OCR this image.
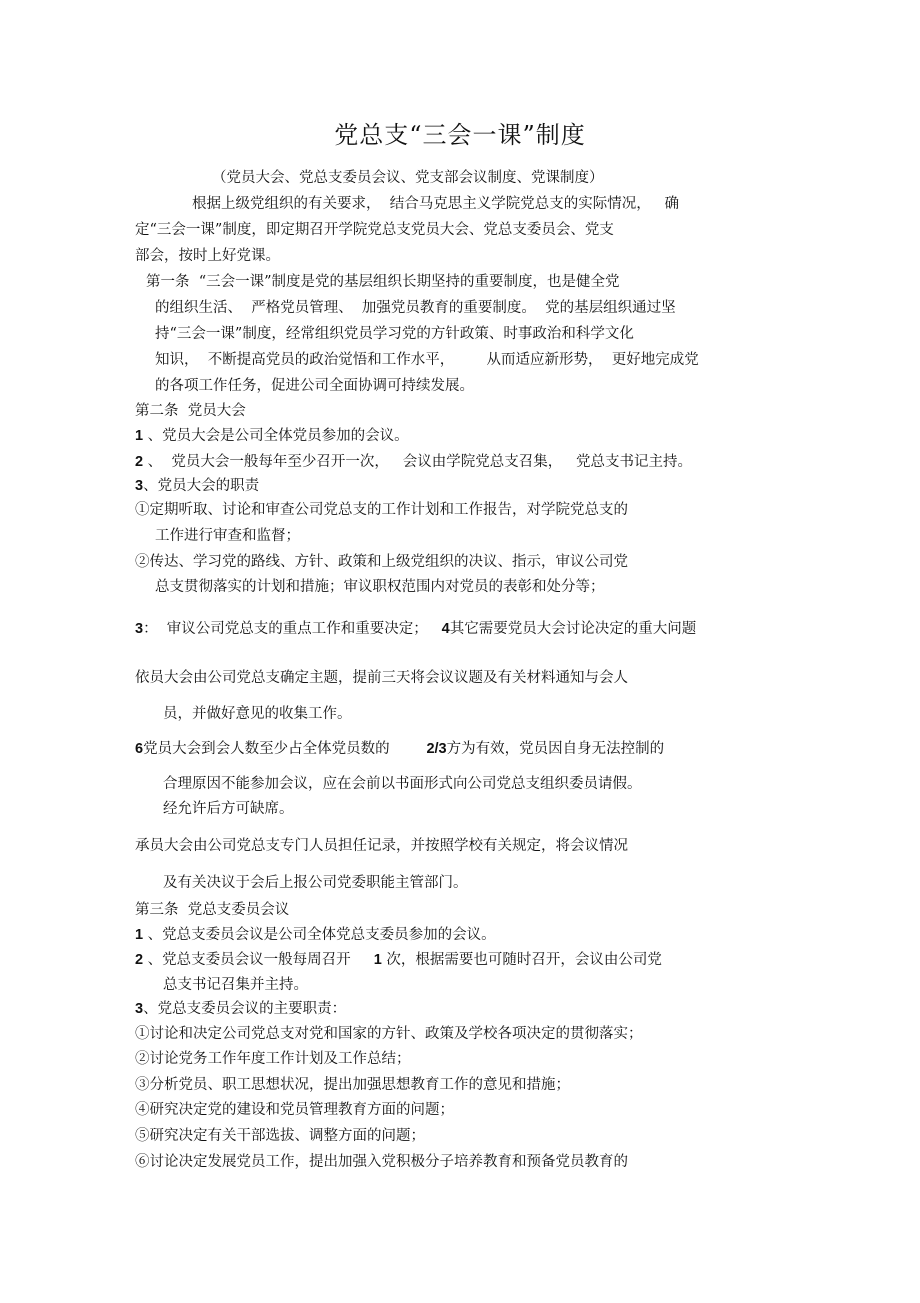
党总支“三会一课”制度
（党员大会、党总支委员会议、党支部会议制度、党课制度）
根据上级党组织的有关要求，  结合马克思主义学院党总支的实际情况，   确
定“三会一课”制度，即定期召开学院党总支党员大会、党总支委员会、党支
部会，按时上好党课。
第一条  “三会一课”制度是党的基层组织长期坚持的重要制度，也是健全党
的组织生活、  严格党员管理、  加强党员教育的重要制度。  党的基层组织通过坚
持“三会一课”制度，经常组织党员学习党的方针政策、时事政治和科学文化
知识，  不断提高党员的政治觉悟和工作水平，       从而适应新形势，  更好地完成党
的各项工作任务，促进公司全面协调可持续发展。
第二条  党员大会
1 、党员大会是公司全体党员参加的会议。
2 、  党员大会一般每年至少召开一次，   会议由学院党总支召集，   党总支书记主持。
3、党员大会的职责
①定期听取、讨论和审查公司党总支的工作计划和工作报告，对学院党总支的
工作进行审查和监督；
②传达、学习党的路线、方针、政策和上级党组织的决议、指示，审议公司党
总支贯彻落实的计划和措施；审议职权范围内对党员的表彰和处分等；
3：  审议公司党总支的重点工作和重要决定；   4其它需要党员大会讨论决定的重大问题
依员大会由公司党总支确定主题，提前三天将会议议题及有关材料通知与会人
员，并做好意见的收集工作。
6党员大会到会人数至少占全体党员数的        2/3方为有效，党员因自身无法控制的
合理原因不能参加会议，应在会前以书面形式向公司党总支组织委员请假。
经允许后方可缺席。
承员大会由公司党总支专门人员担任记录，并按照学校有关规定，将会议情况
及有关决议于会后上报公司党委职能主管部门。
第三条  党总支委员会议
1 、党总支委员会议是公司全体党总支委员参加的会议。
2 、党总支委员会议一般每周召开     1 次，根据需要也可随时召开，会议由公司党
总支书记召集并主持。
3、党总支委员会议的主要职责：
①讨论和决定公司党总支对党和国家的方针、政策及学校各项决定的贯彻落实；
②讨论党务工作年度工作计划及工作总结；
③分析党员、职工思想状况，提出加强思想教育工作的意见和措施；
④研究决定党的建设和党员管理教育方面的问题；
⑤研究决定有关干部选拔、调整方面的问题；
⑥讨论决定发展党员工作，提出加强入党积极分子培养教育和预备党员教育的
